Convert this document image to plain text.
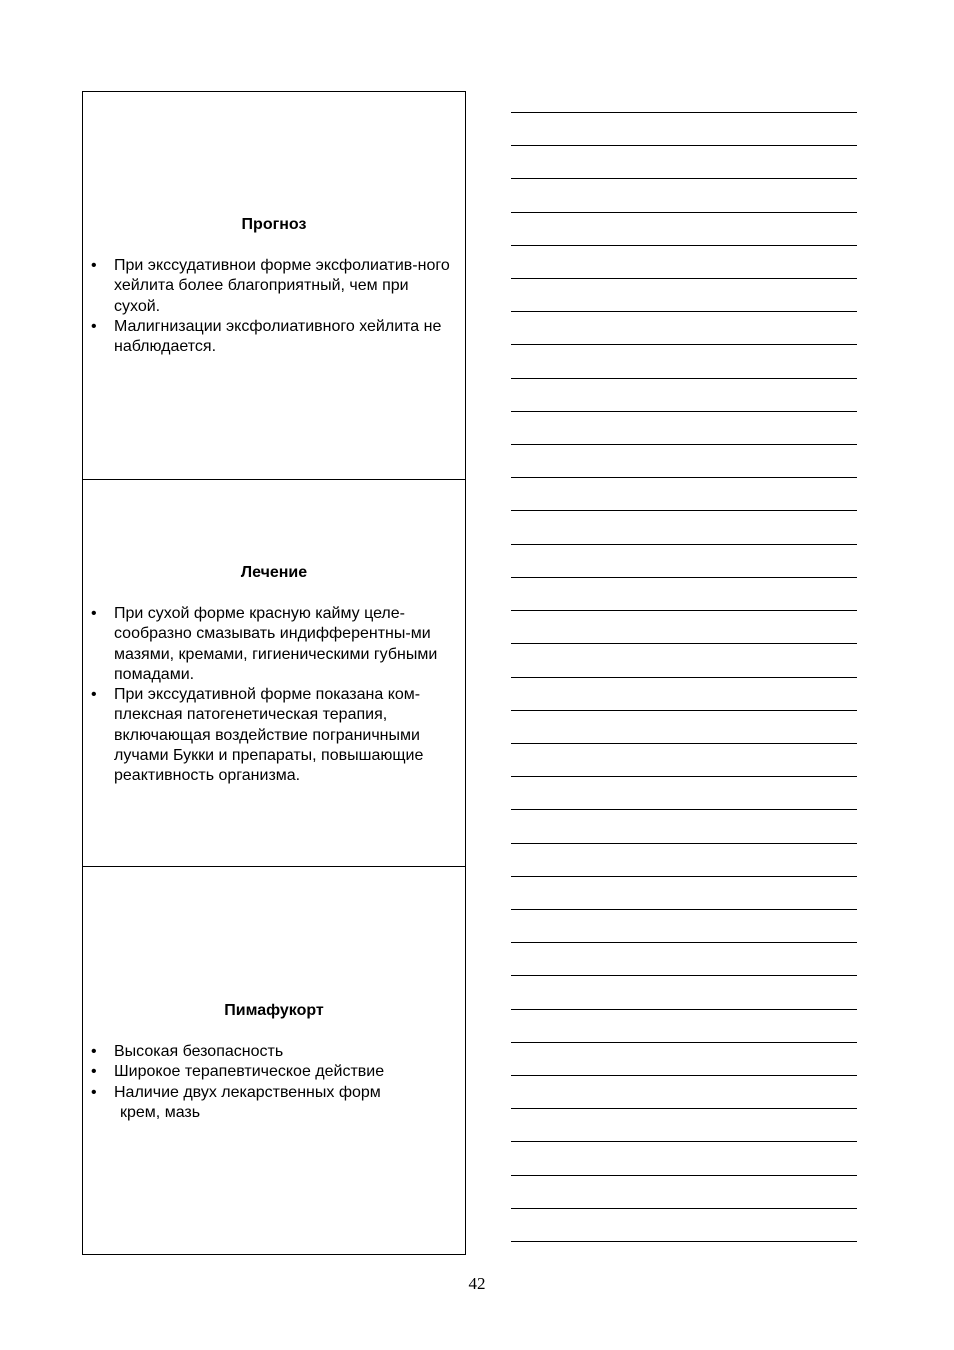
Прогноз
• При экссудативнои форме эксфолиатив-ного хейлита более благоприятный, чем при сухой.
• Малигнизации эксфолиативного хейлита не наблюдается.
Лечение
• При сухой форме красную кайму целе-сообразно смазывать индифферентны-ми мазями, кремами, гигиеническими губными помадами.
• При экссудативной форме показана ком-плексная патогенетическая терапия, включающая воздействие пограничными лучами Букки и препараты, повышающие реактивность организма.
Пимафукорт
• Высокая безопасность
• Широкое терапевтическое действие
• Наличие двух лекарственных форм
крем, мазь
42
